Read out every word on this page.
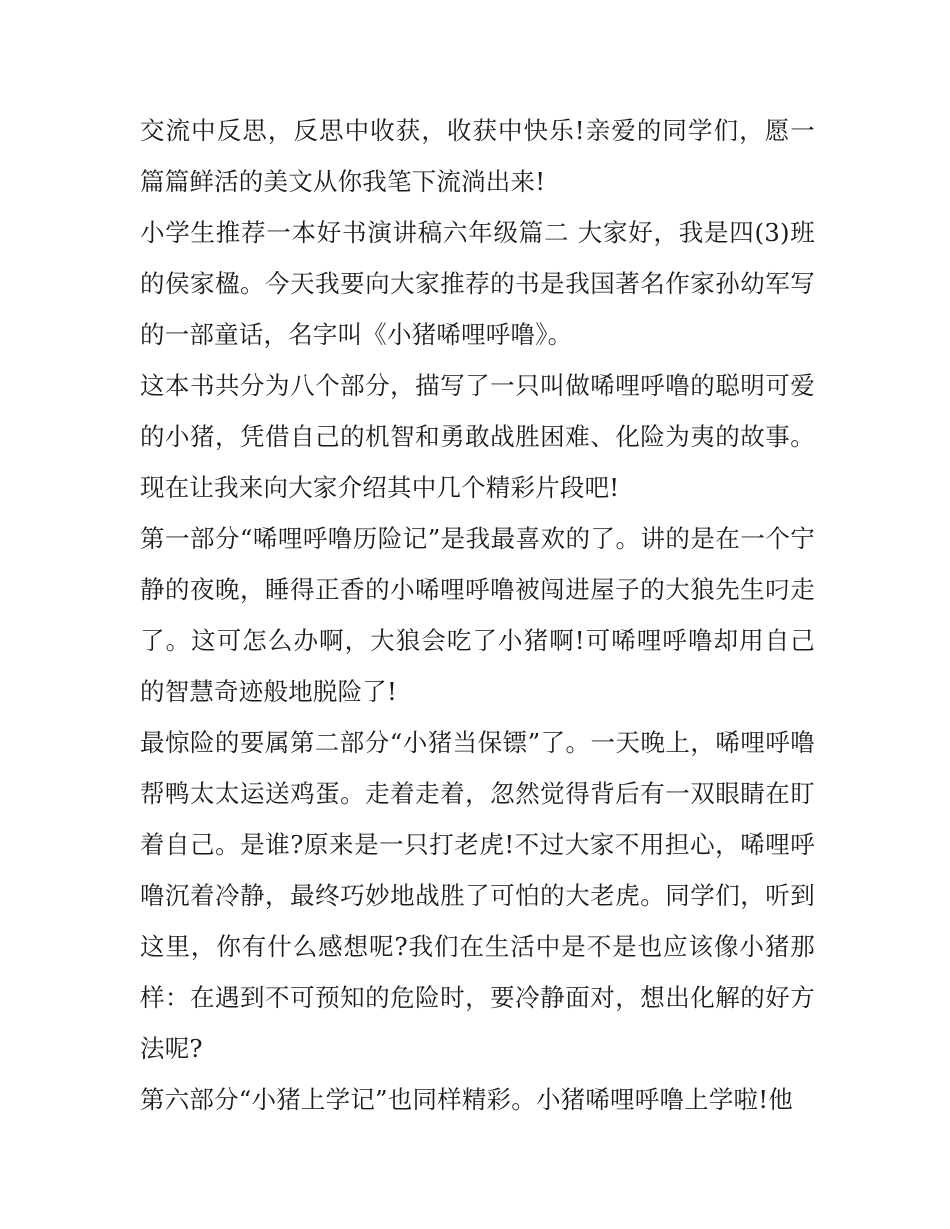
交流中反思，反思中收获，收获中快乐!亲爱的同学们，愿一篇篇鲜活的美文从你我笔下流淌出来!

小学生推荐一本好书演讲稿六年级篇二 大家好，我是四(3)班的侯家楹。今天我要向大家推荐的书是我国著名作家孙幼军写的一部童话，名字叫《小猪唏哩呼噜》。

这本书共分为八个部分，描写了一只叫做唏哩呼噜的聪明可爱的小猪，凭借自己的机智和勇敢战胜困难、化险为夷的故事。现在让我来向大家介绍其中几个精彩片段吧!

第一部分“唏哩呼噜历险记”是我最喜欢的了。讲的是在一个宁静的夜晚，睡得正香的小唏哩呼噜被闯进屋子的大狼先生叼走了。这可怎么办啊，大狼会吃了小猪啊!可唏哩呼噜却用自己的智慧奇迹般地脱险了!

最惊险的要属第二部分“小猪当保镖”了。一天晚上，唏哩呼噜帮鸭太太运送鸡蛋。走着走着，忽然觉得背后有一双眼睛在盯着自己。是谁?原来是一只打老虎!不过大家不用担心，唏哩呼噜沉着冷静，最终巧妙地战胜了可怕的大老虎。同学们，听到这里，你有什么感想呢?我们在生活中是不是也应该像小猪那样：在遇到不可预知的危险时，要冷静面对，想出化解的好方法呢?

第六部分“小猪上学记”也同样精彩。小猪唏哩呼噜上学啦!他
